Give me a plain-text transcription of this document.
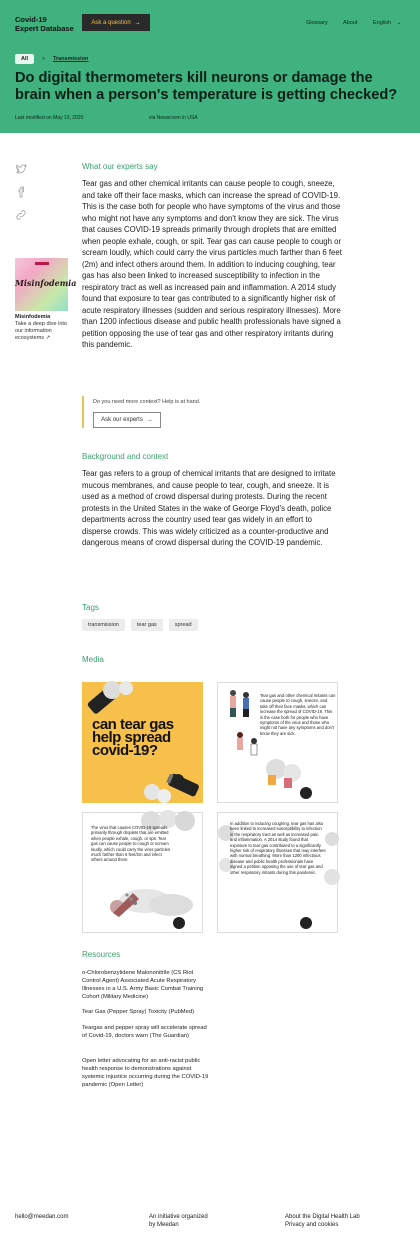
Covid-19
Expert Database
Ask a question →	Glossary	About	English ⌄
All	> Transmission
Do digital thermometers kill neurons or damage the brain when a person's temperature is getting checked?
Last modified on May 13, 2020	via Newsroom in USA
Misinfodemia
Misinfodemia
Take a deep dive into our information ecosystems ↗
What our experts say
Tear gas and other chemical irritants can cause people to cough, sneeze, and take off their face masks, which can increase the spread of COVID-19. This is the case both for people who have symptoms of the virus and those who might not have any symptoms and don't know they are sick. The virus that causes COVID-19 spreads primarily through droplets that are emitted when people exhale, cough, or spit. Tear gas can cause people to cough or scream loudly, which could carry the virus particles much farther than 6 feet (2m) and infect others around them. In addition to inducing coughing, tear gas has also been linked to increased susceptibility to infection in the respiratory tract as well as increased pain and inflammation. A 2014 study found that exposure to tear gas contributed to a significantly higher risk of acute respiratory illnesses (sudden and serious respiratory illnesses). More than 1200 infectious disease and public health professionals have signed a petition opposing the use of tear gas and other respiratory irritants during this pandemic.
Do you need more context? Help is at hand.
Ask our experts →
Background and context
Tear gas refers to a group of chemical irritants that are designed to irritate mucous membranes, and cause people to tear, cough, and sneeze. It is used as a method of crowd dispersal during protests. During the recent protests in the United States in the wake of George Floyd's death, police departments across the country used tear gas widely in an effort to disperse crowds. This was widely criticized as a counter-productive and dangerous means of crowd dispersal during the COVID-19 pandemic.
Tags
transmission	tear gas	spread
Media
can tear gas help spread covid-19?
Tear gas and other chemical irritants can cause people to cough, sneeze, and take off their face masks, which can increase the spread of COVID-19. This is the case both for people who have symptoms of the virus and those who might not have any symptoms and don't know they are sick.
The virus that causes COVID-19 spreads primarily through droplets that are emitted when people exhale, cough, or spit. Tear gas can cause people to cough or scream loudly, which could carry the virus particles much farther than 6 feet/2m and infect others around them.
In addition to inducing coughing, tear gas has also been linked to increased susceptibility to infection in the respiratory tract as well as increased pain and inflammation. A 2014 study found that exposure to tear gas contributed to a significantly higher risk of respiratory illnesses that may interfere with normal breathing. More than 1200 infectious disease and public health professionals have signed a petition opposing the use of tear gas and other respiratory irritants during this pandemic.
Resources
o-Chlorobenzylidene Malononitrile (CS Riot Control Agent) Associated Acute Respiratory Illnesses in a U.S. Army Basic Combat Training Cohort (Military Medicine)
Tear Gas (Pepper Spray) Toxicity (PubMed)
Teargas and pepper spray will accelerate spread of Covid-19, doctors warn (The Guardian)
Open letter advocating for an anti-racist public health response to demonstrations against systemic injustice occurring during the COVID-19 pandemic (Open Letter)
hello@meedan.com	An initiative organized
by Meedan
About the Digital Health Lab
Privacy and cookies
